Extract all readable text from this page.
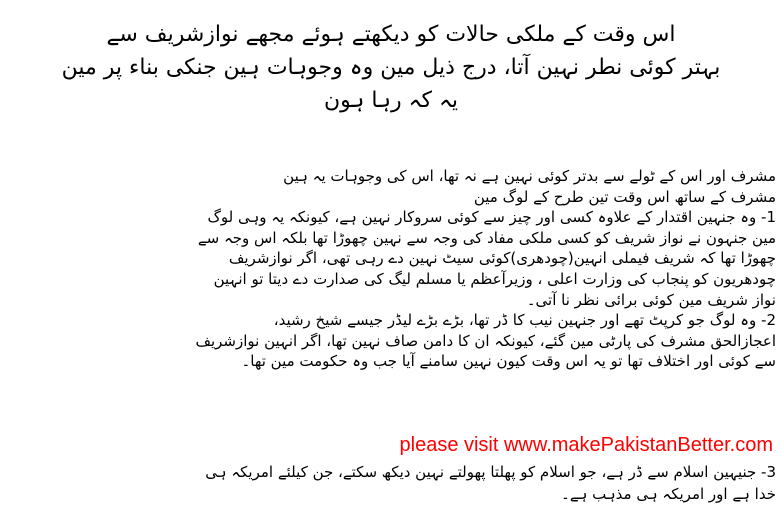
اس وقت کے ملکی حالات کو دیکھتے ہوئے مجھے نوازشریف سے
بہتر کوئی نطر نہین آتا، درج ذیل مین وہ وجوہات ہین جنکی بناء پر مین
یہ کہ رہا ہون
مشرف اور اس کے ٹولے سے بدتر کوئی نہین ہے نہ تھا، اس کی وجوہات یہ ہین
مشرف کے ساتھ اس وقت تین طرح کے لوگ مین
1- وہ جنہین اقتدار کے علاوہ کسی اور چیز سے کوئی سروکار نہین ہے، کیونکہ یہ وہی لوگ
مین جنہون نے نواز شریف کو کسی ملکی مفاد کی وجہ سے نہین چھوڑا تھا بلکہ اس وجہ سے
چھوڑا تھا کہ شریف فیملی انہین(چودھری)کوئی سیٹ نہین دے رہی تھی، اگر نوازشریف
چودھریون کو پنجاب کی وزارت اعلی ، وزیرآعظم یا مسلم لیگ کی صدارت دے دیتا تو انہین
نواز شریف مین کوئی برائی نظر نا آتی۔
2- وہ لوگ جو کرپٹ تھے اور جنہین نیب کا ڈر تھا، بڑے بڑے لیڈر جیسے شیخ رشید،
اعجازالحق مشرف کی پارٹی مین گئے، کیونکہ ان کا دامن صاف نہین تھا، اگر انہین نوازشریف
سے کوئی اور اختلاف تھا تو یہ اس وقت کیون نہین سامنے آیا جب وہ حکومت مین تھا۔
please visit www.makePakistanBetter.com
3- جنیہین اسلام سے ڈر ہے، جو اسلام کو پھلتا پھولتے نہین دیکھ سکتے، جن کیلئے امریکہ ہی
خدا ہے اور امریکہ ہی مذہب ہے۔
